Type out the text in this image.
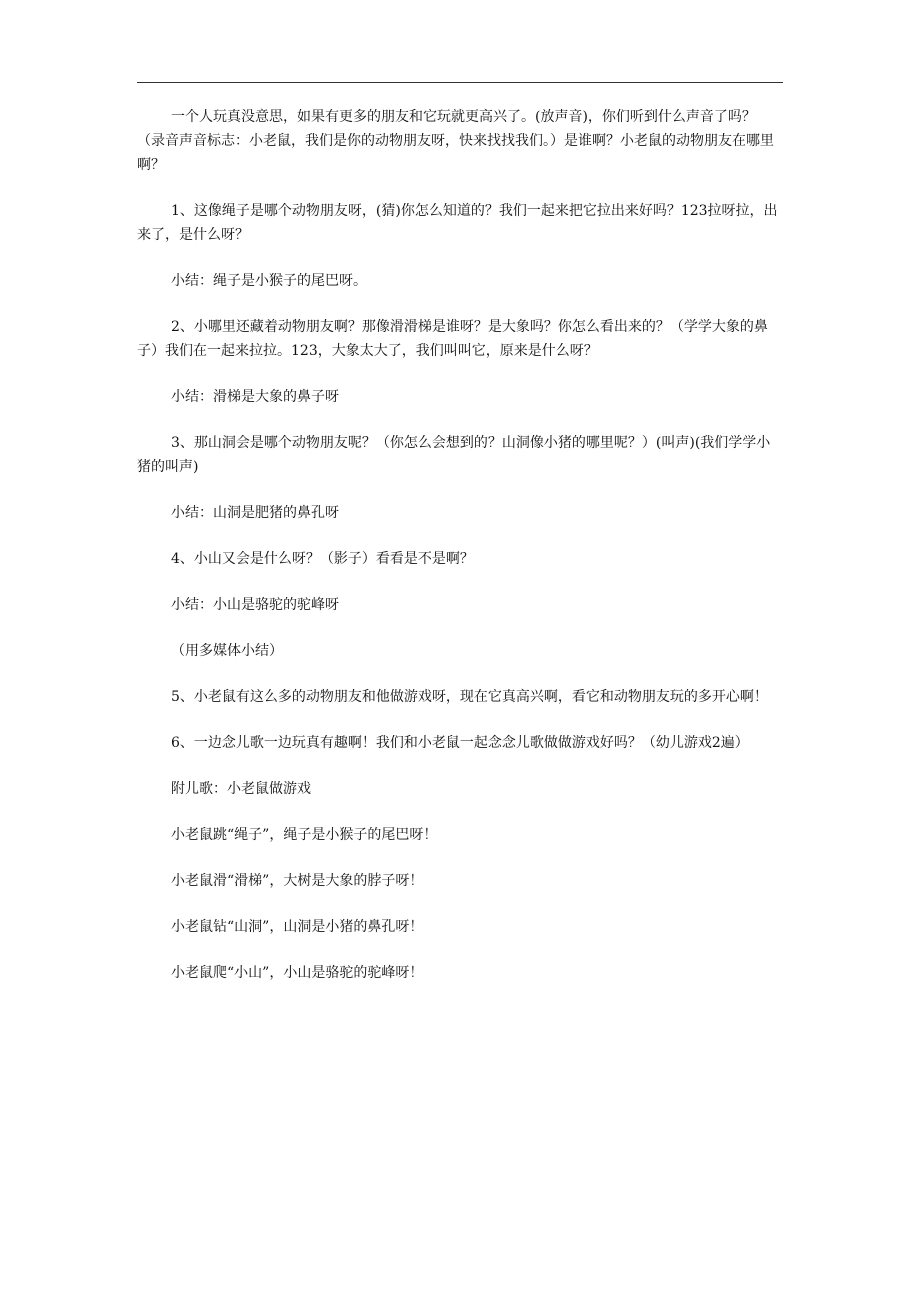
一个人玩真没意思，如果有更多的朋友和它玩就更高兴了。(放声音)，你们听到什么声音了吗？（录音声音标志：小老鼠，我们是你的动物朋友呀，快来找找我们。）是谁啊？小老鼠的动物朋友在哪里啊？

1、这像绳子是哪个动物朋友呀，(猜)你怎么知道的？我们一起来把它拉出来好吗？123拉呀拉，出来了，是什么呀？

小结：绳子是小猴子的尾巴呀。

2、小哪里还藏着动物朋友啊？那像滑滑梯是谁呀？是大象吗？你怎么看出来的？（学学大象的鼻子）我们在一起来拉拉。123，大象太大了，我们叫叫它，原来是什么呀？

小结：滑梯是大象的鼻子呀

3、那山洞会是哪个动物朋友呢？（你怎么会想到的？山洞像小猪的哪里呢？）(叫声)(我们学学小猪的叫声)

小结：山洞是肥猪的鼻孔呀

4、小山又会是什么呀？（影子）看看是不是啊？

小结：小山是骆驼的驼峰呀

（用多媒体小结）

5、小老鼠有这么多的动物朋友和他做游戏呀，现在它真高兴啊，看它和动物朋友玩的多开心啊！

6、一边念儿歌一边玩真有趣啊！我们和小老鼠一起念念儿歌做做游戏好吗？（幼儿游戏2遍）

附儿歌：小老鼠做游戏

小老鼠跳“绳子”，绳子是小猴子的尾巴呀！

小老鼠滑“滑梯”，大树是大象的脖子呀！

小老鼠钻“山洞”，山洞是小猪的鼻孔呀！

小老鼠爬“小山”，小山是骆驼的驼峰呀！
